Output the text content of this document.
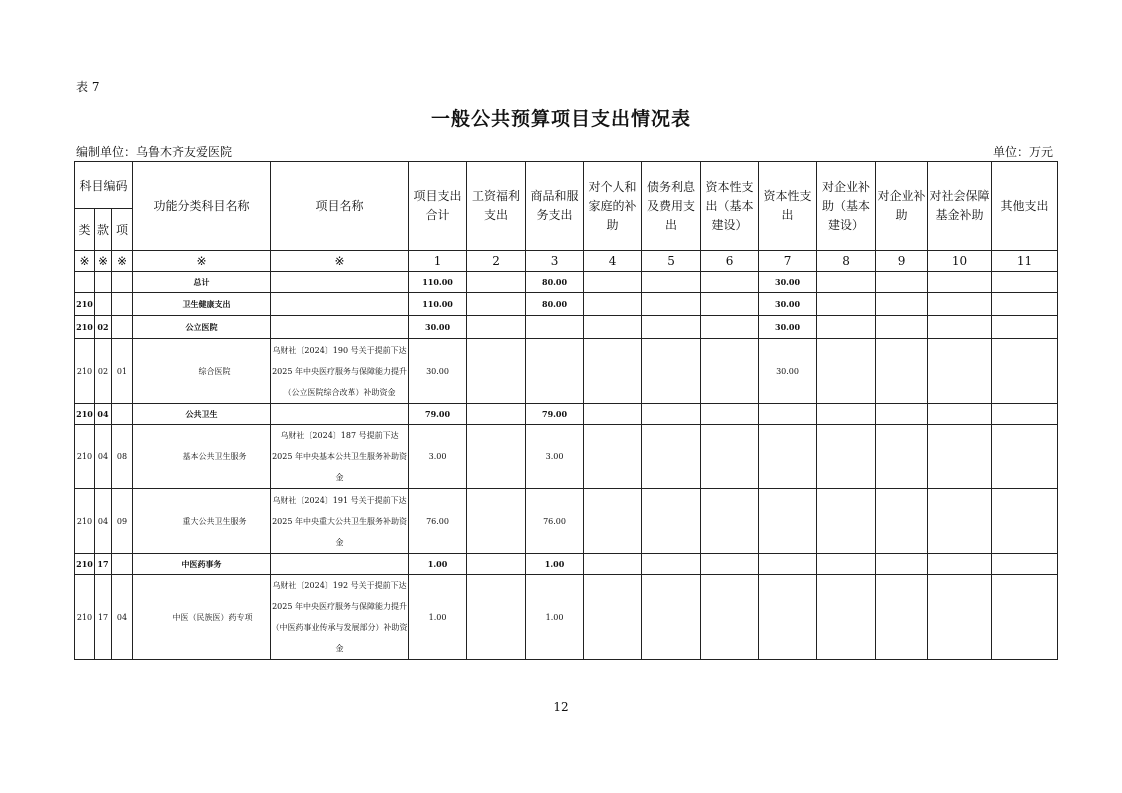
表 7
一般公共预算项目支出情况表
编制单位：乌鲁木齐友爱医院	单位：万元
科目编码			功能分类科目名称	项目名称	项目支出合计	工资福利支出	商品和服务支出	对个人和家庭的补助	债务利息及费用支出	资本性支出（基本建设）	资本性支出	对企业补助（基本建设）	对企业补助	对社会保障基金补助	其他支出
类	款	项													
※	※	※	※	※	1	2	3	4	5	6	7	8	9	10	11
			总计		110.00		80.00				30.00				
210			卫生健康支出		110.00		80.00				30.00				
210	02		公立医院		30.00						30.00				
210	02	01	综合医院	乌财社〔2024〕190 号关于提前下达 2025 年中央医疗服务与保障能力提升（公立医院综合改革）补助资金	30.00						30.00				
210	04		公共卫生		79.00		79.00								
210	04	08	基本公共卫生服务	乌财社〔2024〕187 号提前下达 2025 年中央基本公共卫生服务补助资金	3.00		3.00								
210	04	09	重大公共卫生服务	乌财社〔2024〕191 号关于提前下达 2025 年中央重大公共卫生服务补助资金	76.00		76.00								
210	17		中医药事务		1.00		1.00								
210	17	04	中医（民族医）药专项	乌财社〔2024〕192 号关于提前下达 2025 年中央医疗服务与保障能力提升（中医药事业传承与发展部分）补助资金	1.00		1.00								
12
